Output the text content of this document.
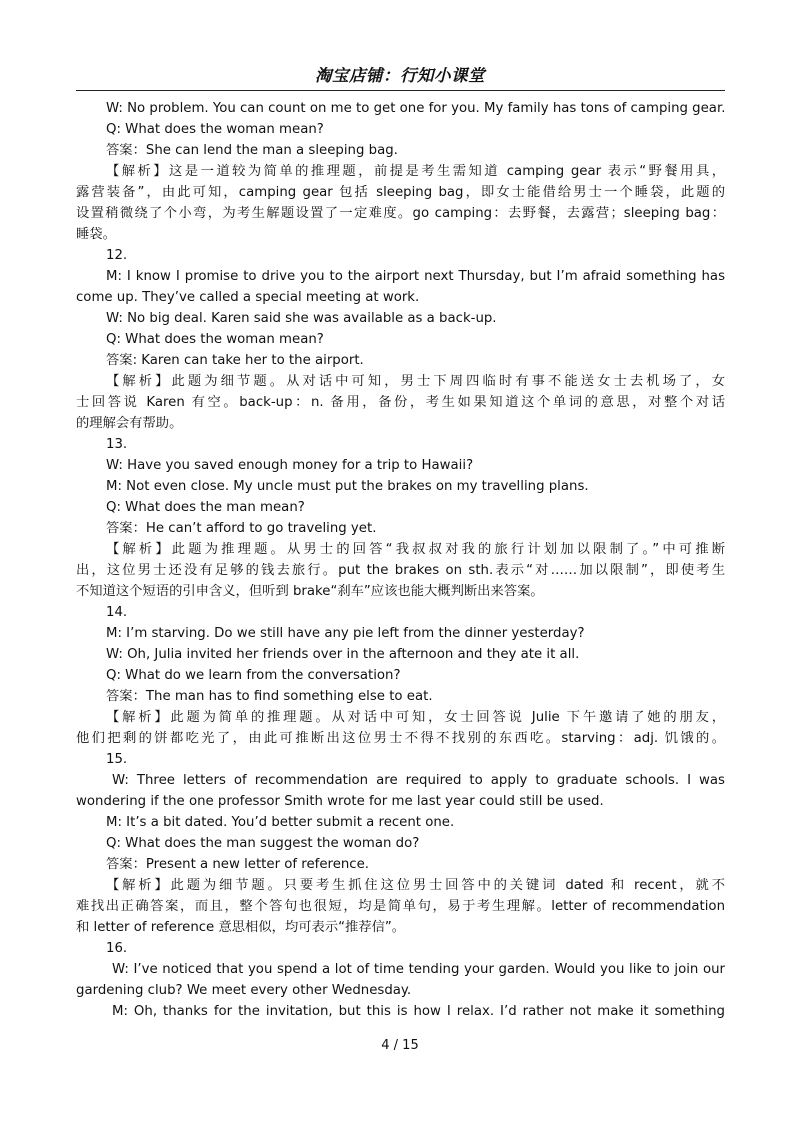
淘宝店铺：行知小课堂
W: No problem. You can count on me to get one for you. My family has tons of camping gear.
Q: What does the woman mean?
答案：She can lend the man a sleeping bag.
【解析】这是一道较为简单的推理题，前提是考生需知道 camping gear 表示“野餐用具，
露营装备”，由此可知，camping gear 包括 sleeping bag，即女士能借给男士一个睡袋，此题的
设置稍微绕了个小弯，为考生解题设置了一定难度。go camping：去野餐，去露营；sleeping bag：
睡袋。
12.
M: I know I promise to drive you to the airport next Thursday, but I’m afraid something has
come up. They’ve called a special meeting at work.
W: No big deal. Karen said she was available as a back-up.
Q: What does the woman mean?
答案: Karen can take her to the airport.
【解析】此题为细节题。从对话中可知，男士下周四临时有事不能送女士去机场了，女
士回答说 Karen 有空。back-up：n. 备用，备份，考生如果知道这个单词的意思，对整个对话
的理解会有帮助。
13.
W: Have you saved enough money for a trip to Hawaii?
M: Not even close. My uncle must put the brakes on my travelling plans.
Q: What does the man mean?
答案：He can’t afford to go traveling yet.
【解析】此题为推理题。从男士的回答“我叔叔对我的旅行计划加以限制了。”中可推断
出，这位男士还没有足够的钱去旅行。put the brakes on sth.表示“对……加以限制”，即使考生
不知道这个短语的引申含义，但听到 brake“刹车”应该也能大概判断出来答案。
14.
M: I’m starving. Do we still have any pie left from the dinner yesterday?
W: Oh, Julia invited her friends over in the afternoon and they ate it all.
Q: What do we learn from the conversation?
答案：The man has to find something else to eat.
【解析】此题为简单的推理题。从对话中可知，女士回答说 Julie 下午邀请了她的朋友，
他们把剩的饼都吃光了，由此可推断出这位男士不得不找别的东西吃。starving：adj. 饥饿的。
15.
W: Three letters of recommendation are required to apply to graduate schools. I was
wondering if the one professor Smith wrote for me last year could still be used.
M: It’s a bit dated. You’d better submit a recent one.
Q: What does the man suggest the woman do?
答案：Present a new letter of reference.
【解析】此题为细节题。只要考生抓住这位男士回答中的关键词 dated 和 recent，就不
难找出正确答案，而且，整个答句也很短，均是简单句，易于考生理解。letter of recommendation
和 letter of reference 意思相似，均可表示“推荐信”。
16.
W: I’ve noticed that you spend a lot of time tending your garden. Would you like to join our
gardening club? We meet every other Wednesday.
M: Oh, thanks for the invitation, but this is how I relax. I’d rather not make it something
4 / 15
